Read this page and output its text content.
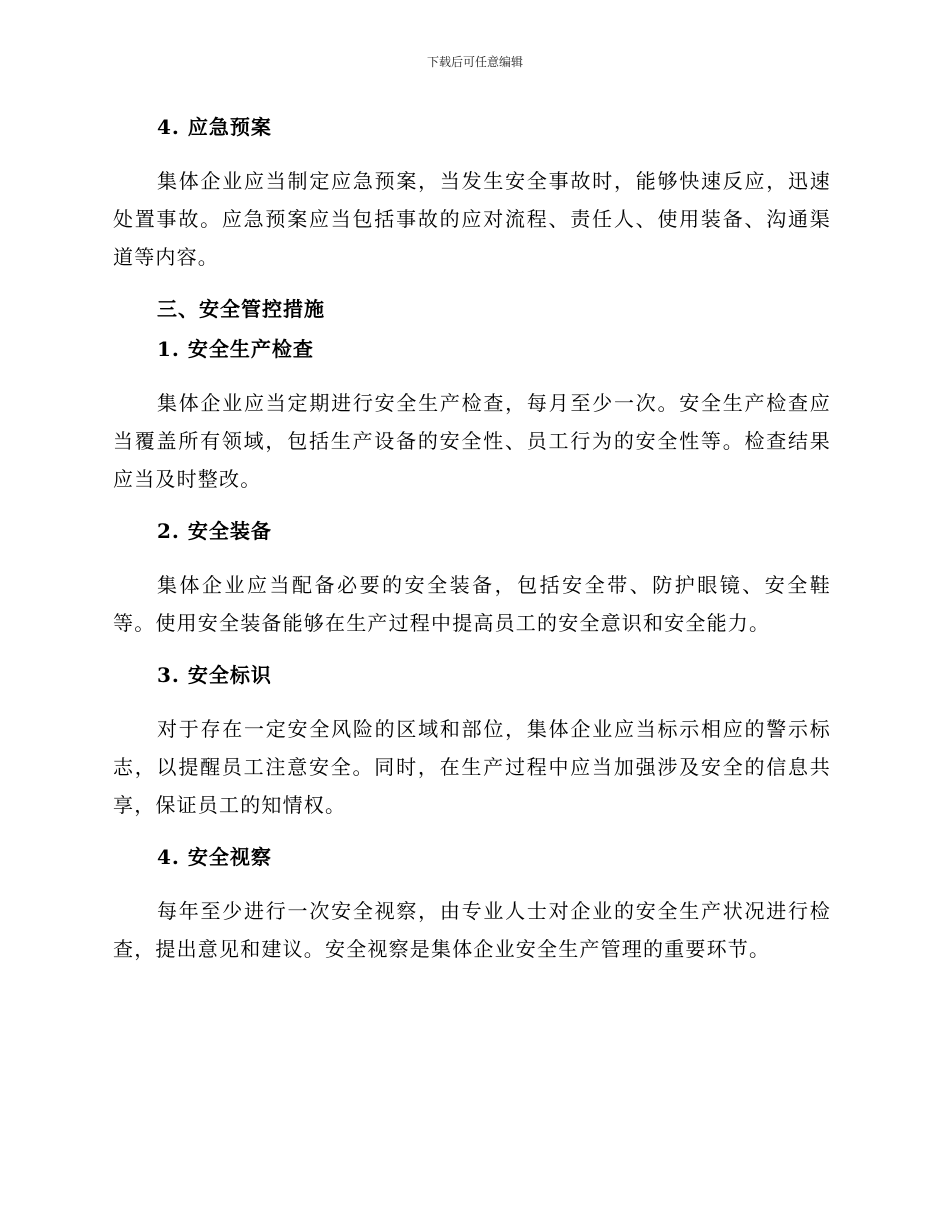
下载后可任意编辑

4. 应急预案

集体企业应当制定应急预案，当发生安全事故时，能够快速反应，迅速处置事故。应急预案应当包括事故的应对流程、责任人、使用装备、沟通渠道等内容。

三、安全管控措施

1. 安全生产检查

集体企业应当定期进行安全生产检查，每月至少一次。安全生产检查应当覆盖所有领域，包括生产设备的安全性、员工行为的安全性等。检查结果应当及时整改。

2. 安全装备

集体企业应当配备必要的安全装备，包括安全带、防护眼镜、安全鞋等。使用安全装备能够在生产过程中提高员工的安全意识和安全能力。

3. 安全标识

对于存在一定安全风险的区域和部位，集体企业应当标示相应的警示标志，以提醒员工注意安全。同时，在生产过程中应当加强涉及安全的信息共享，保证员工的知情权。

4. 安全视察

每年至少进行一次安全视察，由专业人士对企业的安全生产状况进行检查，提出意见和建议。安全视察是集体企业安全生产管理的重要环节。
